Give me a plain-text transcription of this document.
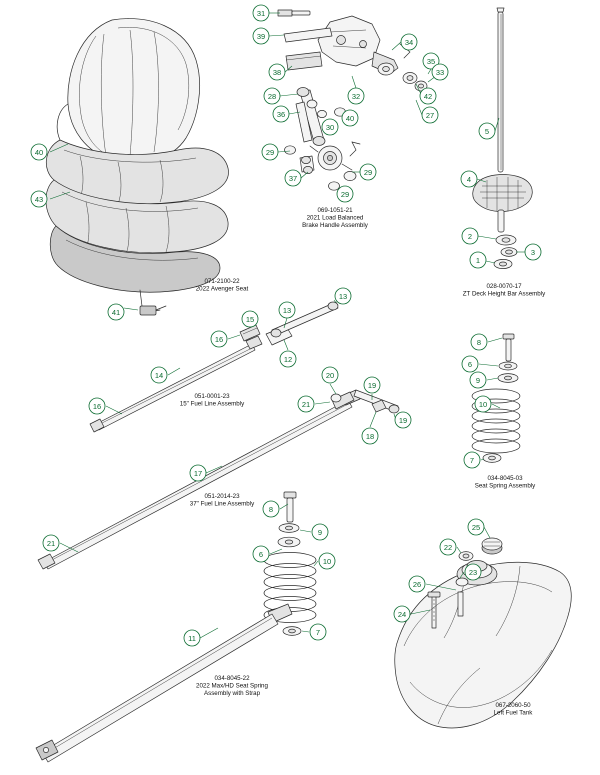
31
39
34
35
38	33
32
28	42
27
36
30
40
29
29
29
37
5
4
2
3
1
40
43
41	13
13
15
16
12
14
16
20
19
21
19
18
17
21
8
6
9
10
7
8
9
6
10
11
7
25
22
23
26
24
071-2100-22
2022 Avenger Seat
069-1051-21
2021 Load Balanced
Brake Handle Assembly
028-0070-17
ZT Deck Height Bar Assembly
051-0001-23
15" Fuel Line Assembly
051-2014-23
37" Fuel Line Assembly
034-8045-03
Seat Spring Assembly
034-8045-22
2022 Max/HD Seat Spring
Assembly with Strap
067-2060-50
Left Fuel Tank
